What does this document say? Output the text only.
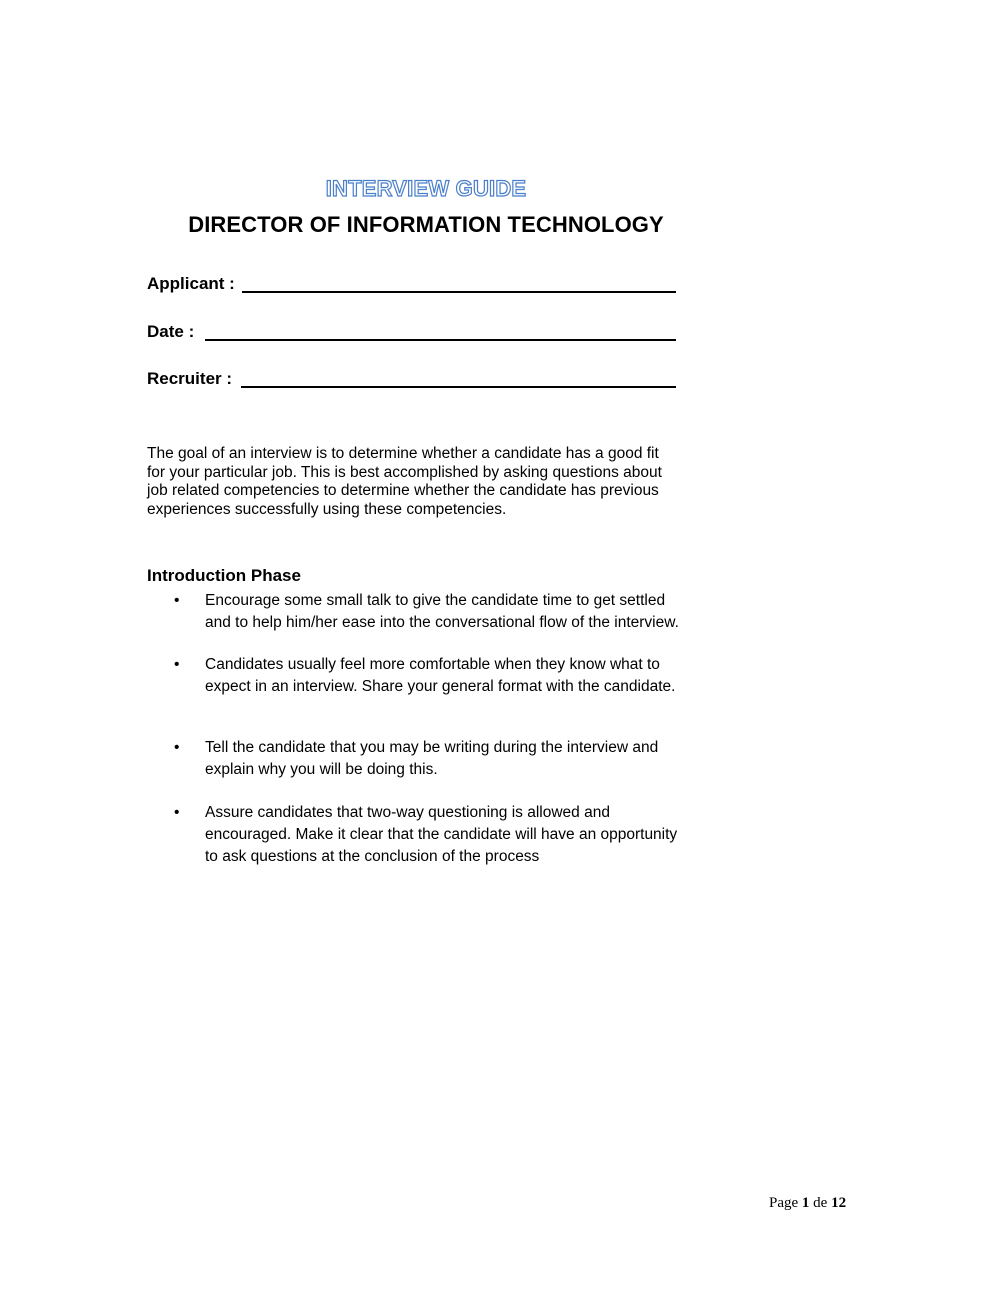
INTERVIEW GUIDE
DIRECTOR OF INFORMATION TECHNOLOGY
Applicant :
Date :
Recruiter :
The goal of an interview is to determine whether a candidate has a good fit
for your particular job. This is best accomplished by asking questions about
job related competencies to determine whether the candidate has previous
experiences successfully using these competencies.
Introduction Phase
•	Encourage some small talk to give the candidate time to get settled
and to help him/her ease into the conversational flow of the interview.
•	Candidates usually feel more comfortable when they know what to
expect in an interview. Share your general format with the candidate.
•	Tell the candidate that you may be writing during the interview and
explain why you will be doing this.
•	Assure candidates that two-way questioning is allowed and
encouraged. Make it clear that the candidate will have an opportunity
to ask questions at the conclusion of the process
Page 1 de 12
